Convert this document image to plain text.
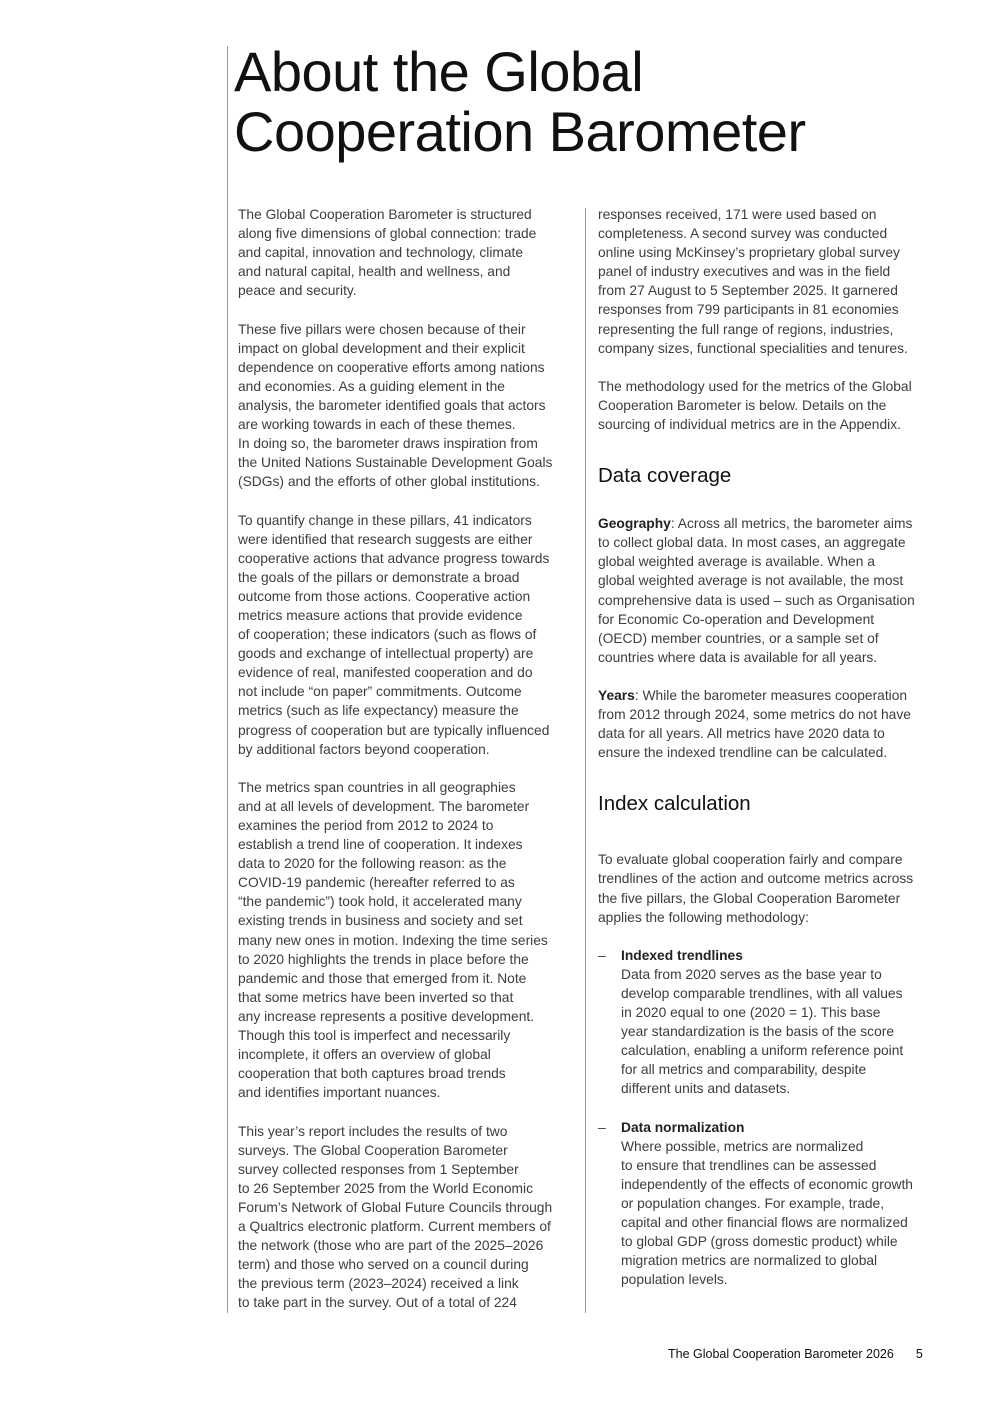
About the Global
Cooperation Barometer

The Global Cooperation Barometer is structured
along five dimensions of global connection: trade
and capital, innovation and technology, climate
and natural capital, health and wellness, and
peace and security.

These five pillars were chosen because of their
impact on global development and their explicit
dependence on cooperative efforts among nations
and economies. As a guiding element in the
analysis, the barometer identified goals that actors
are working towards in each of these themes.
In doing so, the barometer draws inspiration from
the United Nations Sustainable Development Goals
(SDGs) and the efforts of other global institutions.

To quantify change in these pillars, 41 indicators
were identified that research suggests are either
cooperative actions that advance progress towards
the goals of the pillars or demonstrate a broad
outcome from those actions. Cooperative action
metrics measure actions that provide evidence
of cooperation; these indicators (such as flows of
goods and exchange of intellectual property) are
evidence of real, manifested cooperation and do
not include “on paper” commitments. Outcome
metrics (such as life expectancy) measure the
progress of cooperation but are typically influenced
by additional factors beyond cooperation.

The metrics span countries in all geographies
and at all levels of development. The barometer
examines the period from 2012 to 2024 to
establish a trend line of cooperation. It indexes
data to 2020 for the following reason: as the
COVID-19 pandemic (hereafter referred to as
“the pandemic”) took hold, it accelerated many
existing trends in business and society and set
many new ones in motion. Indexing the time series
to 2020 highlights the trends in place before the
pandemic and those that emerged from it. Note
that some metrics have been inverted so that
any increase represents a positive development.
Though this tool is imperfect and necessarily
incomplete, it offers an overview of global
cooperation that both captures broad trends
and identifies important nuances.

This year’s report includes the results of two
surveys. The Global Cooperation Barometer
survey collected responses from 1 September
to 26 September 2025 from the World Economic
Forum’s Network of Global Future Councils through
a Qualtrics electronic platform. Current members of
the network (those who are part of the 2025–2026
term) and those who served on a council during
the previous term (2023–2024) received a link
to take part in the survey. Out of a total of 224

responses received, 171 were used based on
completeness. A second survey was conducted
online using McKinsey’s proprietary global survey
panel of industry executives and was in the field
from 27 August to 5 September 2025. It garnered
responses from 799 participants in 81 economies
representing the full range of regions, industries,
company sizes, functional specialities and tenures.

The methodology used for the metrics of the Global
Cooperation Barometer is below. Details on the
sourcing of individual metrics are in the Appendix.

Data coverage

Geography: Across all metrics, the barometer aims
to collect global data. In most cases, an aggregate
global weighted average is available. When a
global weighted average is not available, the most
comprehensive data is used – such as Organisation
for Economic Co-operation and Development
(OECD) member countries, or a sample set of
countries where data is available for all years.

Years: While the barometer measures cooperation
from 2012 through 2024, some metrics do not have
data for all years. All metrics have 2020 data to
ensure the indexed trendline can be calculated.

Index calculation

To evaluate global cooperation fairly and compare
trendlines of the action and outcome metrics across
the five pillars, the Global Cooperation Barometer
applies the following methodology:

– Indexed trendlines
Data from 2020 serves as the base year to
develop comparable trendlines, with all values
in 2020 equal to one (2020 = 1). This base
year standardization is the basis of the score
calculation, enabling a uniform reference point
for all metrics and comparability, despite
different units and datasets.
– Data normalization
Where possible, metrics are normalized
to ensure that trendlines can be assessed
independently of the effects of economic growth
or population changes. For example, trade,
capital and other financial flows are normalized
to global GDP (gross domestic product) while
migration metrics are normalized to global
population levels.
The Global Cooperation Barometer 2026 5
